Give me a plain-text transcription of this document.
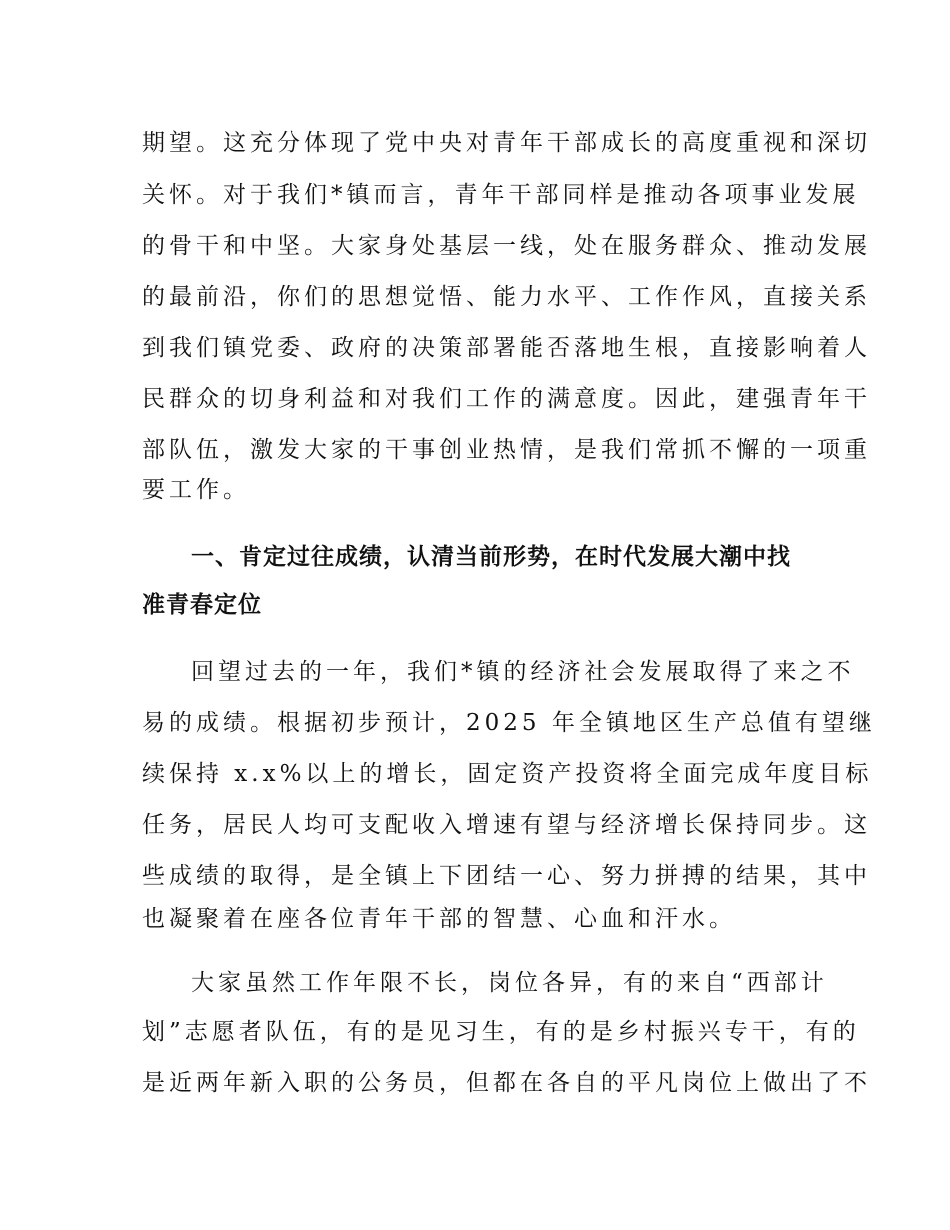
期望。这充分体现了党中央对青年干部成长的高度重视和深切
关怀。对于我们*镇而言，青年干部同样是推动各项事业发展
的骨干和中坚。大家身处基层一线，处在服务群众、推动发展
的最前沿，你们的思想觉悟、能力水平、工作作风，直接关系
到我们镇党委、政府的决策部署能否落地生根，直接影响着人
民群众的切身利益和对我们工作的满意度。因此，建强青年干
部队伍，激发大家的干事创业热情，是我们常抓不懈的一项重
要工作。
一、肯定过往成绩，认清当前形势，在时代发展大潮中找
准青春定位
回望过去的一年，我们*镇的经济社会发展取得了来之不
易的成绩。根据初步预计，2025 年全镇地区生产总值有望继
续保持 x.x%以上的增长，固定资产投资将全面完成年度目标
任务，居民人均可支配收入增速有望与经济增长保持同步。这
些成绩的取得，是全镇上下团结一心、努力拼搏的结果，其中
也凝聚着在座各位青年干部的智慧、心血和汗水。
大家虽然工作年限不长，岗位各异，有的来自“西部计
划”志愿者队伍，有的是见习生，有的是乡村振兴专干，有的
是近两年新入职的公务员，但都在各自的平凡岗位上做出了不
